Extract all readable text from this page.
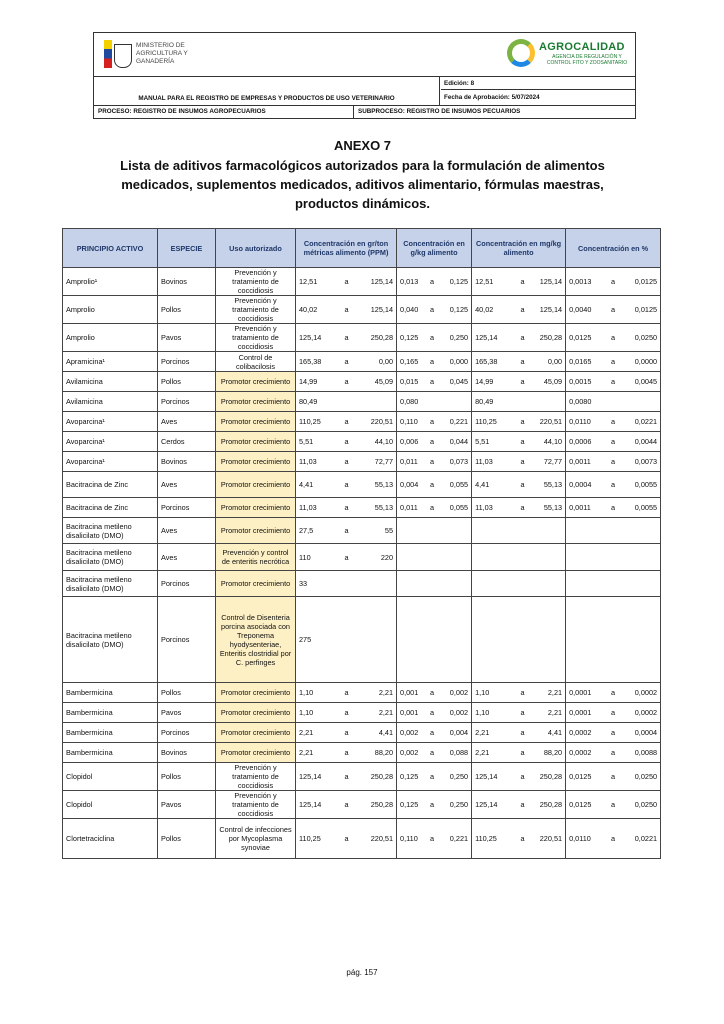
MINISTERIO DE AGRICULTURA Y GANADERÍA
AGROCALIDAD
AGENCIA DE REGULACIÓN Y CONTROL FITO Y ZOOSANITARIO
MANUAL PARA EL REGISTRO DE EMPRESAS Y PRODUCTOS DE USO VETERINARIO
Edición: 8
Fecha de Aprobación: 5/07/2024
PROCESO: REGISTRO DE INSUMOS AGROPECUARIOS	SUBPROCESO: REGISTRO DE INSUMOS PECUARIOS
ANEXO 7
Lista de aditivos farmacológicos autorizados para la formulación de alimentos medicados, suplementos medicados, aditivos alimentario, fórmulas maestras, productos dinámicos.
PRINCIPIO ACTIVO	ESPECIE	Uso autorizado	Concentración en gr/ton métricas alimento (PPM)			Concentración en g/kg alimento			Concentración en mg/kg alimento			Concentración en %		
Amprolio¹	Bovinos	Prevención y tratamiento de coccidiosis	12,51	a	125,14	0,013	a	0,125	12,51	a	125,14	0,0013	a	0,0125
Amprolio	Pollos	Prevención y tratamiento de coccidiosis	40,02	a	125,14	0,040	a	0,125	40,02	a	125,14	0,0040	a	0,0125
Amprolio	Pavos	Prevención y tratamiento de coccidiosis	125,14	a	250,28	0,125	a	0,250	125,14	a	250,28	0,0125	a	0,0250
Apramicina¹	Porcinos	Control de colibacilosis	165,38	a	0,00	0,165	a	0,000	165,38	a	0,00	0,0165	a	0,0000
Avilamicina	Pollos	Promotor crecimiento	14,99	a	45,09	0,015	a	0,045	14,99	a	45,09	0,0015	a	0,0045
Avilamicina	Porcinos	Promotor crecimiento	80,49			0,080			80,49			0,0080		
Avoparcina¹	Aves	Promotor crecimiento	110,25	a	220,51	0,110	a	0,221	110,25	a	220,51	0,0110	a	0,0221
Avoparcina¹	Cerdos	Promotor crecimiento	5,51	a	44,10	0,006	a	0,044	5,51	a	44,10	0,0006	a	0,0044
Avoparcina¹	Bovinos	Promotor crecimiento	11,03	a	72,77	0,011	a	0,073	11,03	a	72,77	0,0011	a	0,0073
Bacitracina de Zinc	Aves	Promotor crecimiento	4,41	a	55,13	0,004	a	0,055	4,41	a	55,13	0,0004	a	0,0055
Bacitracina de Zinc	Porcinos	Promotor crecimiento	11,03	a	55,13	0,011	a	0,055	11,03	a	55,13	0,0011	a	0,0055
Bacitracina metileno disalicilato (DMO)	Aves	Promotor crecimiento	27,5	a	55									
Bacitracina metileno disalicilato (DMO)	Aves	Prevención y control de enteritis necrótica	110	a	220									
Bacitracina metileno disalicilato (DMO)	Porcinos	Promotor crecimiento	33											
Bacitracina metileno disalicilato (DMO)	Porcinos	Control de Disenteria porcina asociada con Treponema hyodysenteriae, Enteritis clostridial por C. perfinges	275											
Bambermicina	Pollos	Promotor crecimiento	1,10	a	2,21	0,001	a	0,002	1,10	a	2,21	0,0001	a	0,0002
Bambermicina	Pavos	Promotor crecimiento	1,10	a	2,21	0,001	a	0,002	1,10	a	2,21	0,0001	a	0,0002
Bambermicina	Porcinos	Promotor crecimiento	2,21	a	4,41	0,002	a	0,004	2,21	a	4,41	0,0002	a	0,0004
Bambermicina	Bovinos	Promotor crecimiento	2,21	a	88,20	0,002	a	0,088	2,21	a	88,20	0,0002	a	0,0088
Clopidol	Pollos	Prevención y tratamiento de coccidiosis	125,14	a	250,28	0,125	a	0,250	125,14	a	250,28	0,0125	a	0,0250
Clopidol	Pavos	Prevención y tratamiento de coccidiosis	125,14	a	250,28	0,125	a	0,250	125,14	a	250,28	0,0125	a	0,0250
Clortetraciclina	Pollos	Control de infecciones por Mycoplasma synoviae	110,25	a	220,51	0,110	a	0,221	110,25	a	220,51	0,0110	a	0,0221
pág. 157
